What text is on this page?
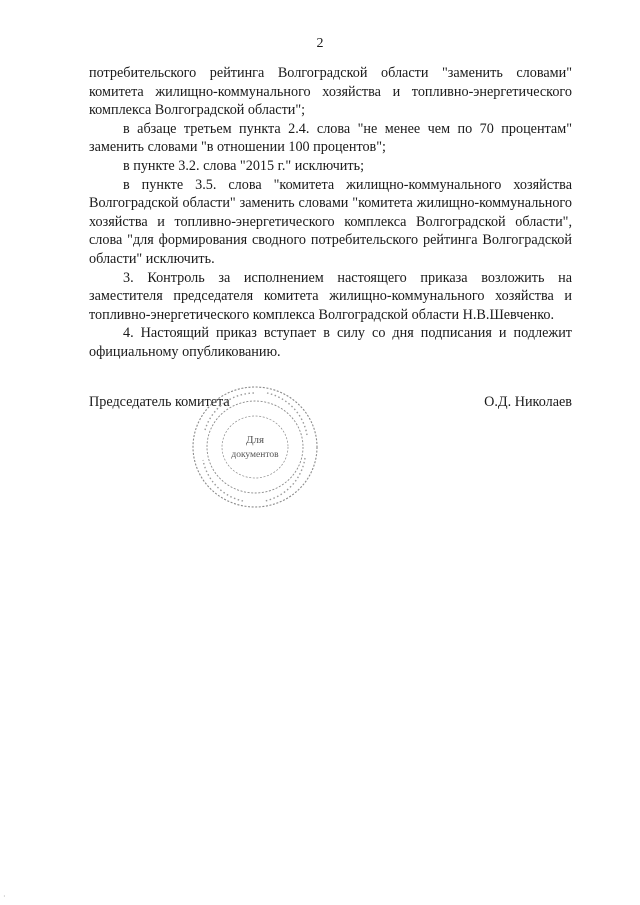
2

потребительского рейтинга Волгоградской области "заменить словами" комитета жилищно-коммунального хозяйства и топливно-энергетического комплекса Волгоградской области";

в абзаце третьем пункта 2.4. слова "не менее чем по 70 процентам" заменить словами "в отношении 100 процентов";

в пункте 3.2. слова "2015 г." исключить;

в пункте 3.5. слова "комитета жилищно-коммунального хозяйства Волгоградской области" заменить словами "комитета жилищно-коммунального хозяйства и топливно-энергетического комплекса Волгоградской области", слова "для формирования сводного потребительского рейтинга Волгоградской области" исключить.

3. Контроль за исполнением настоящего приказа возложить на заместителя председателя комитета жилищно-коммунального хозяйства и топливно-энергетического комплекса Волгоградской области Н.В.Шевченко.

4. Настоящий приказ вступает в силу со дня подписания и подлежит официальному опубликованию.

Председатель комитета	О.Д. Николаев
Для
документов
·
